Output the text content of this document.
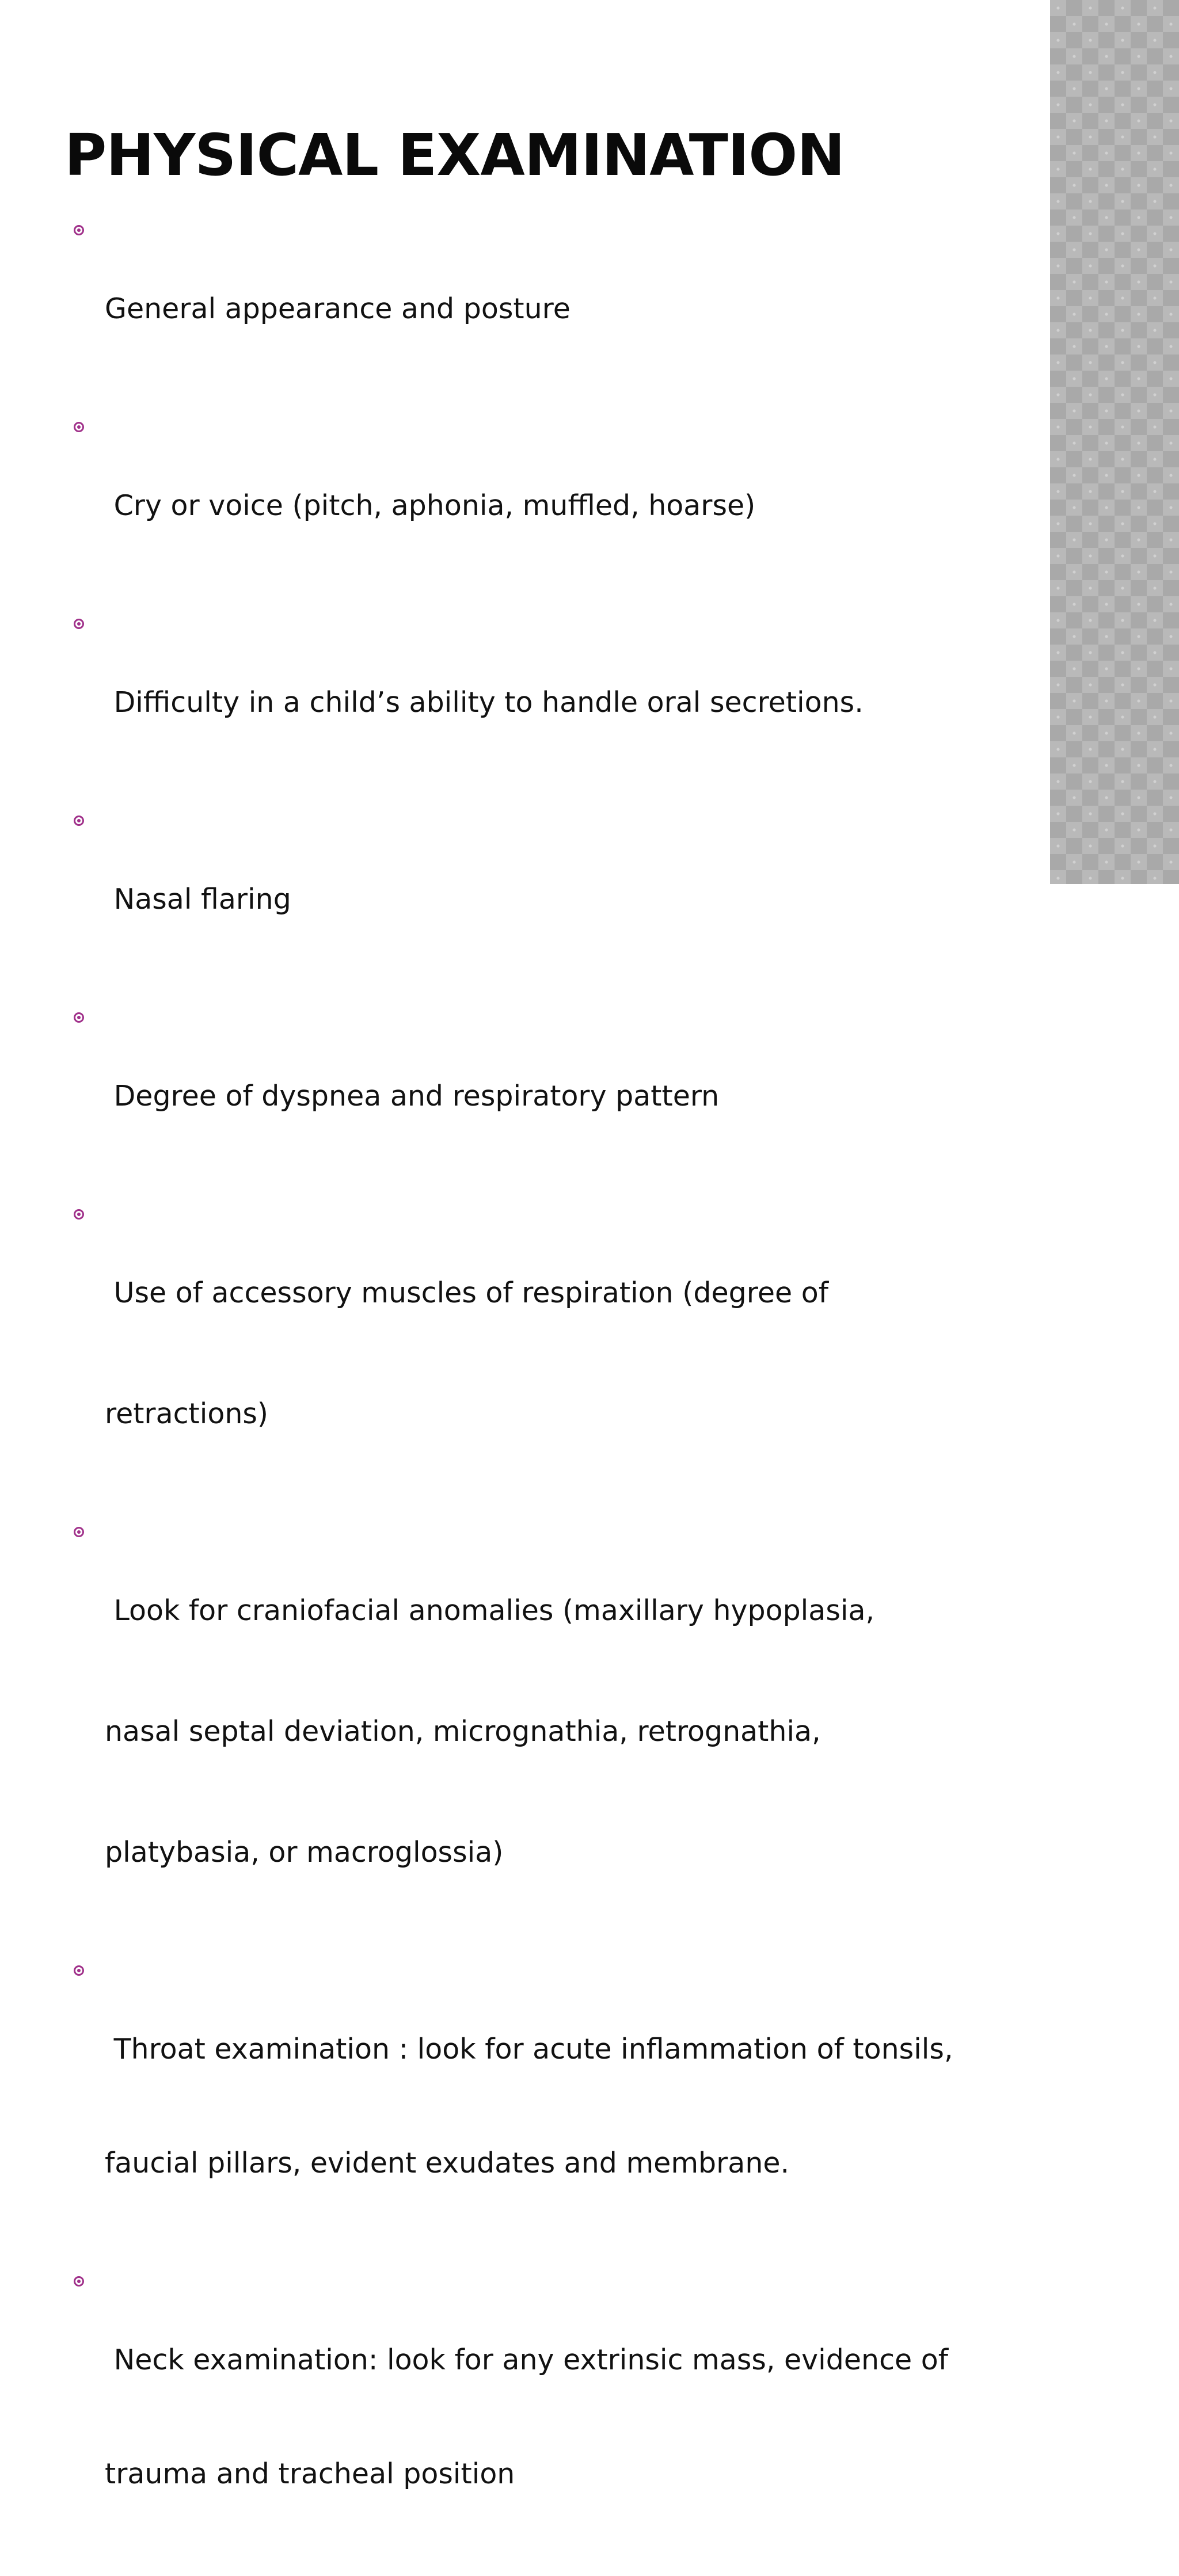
PHYSICAL EXAMINATION

General appearance and posture

Cry or voice (pitch, aphonia, muffled, hoarse)

Difficulty in a child’s ability to handle oral secretions.

Nasal flaring

Degree of dyspnea and respiratory pattern

Use of accessory muscles of respiration (degree of

retractions)

Look for craniofacial anomalies (maxillary hypoplasia,

nasal septal deviation, micrognathia, retrognathia,

platybasia, or macroglossia)

Throat examination : look for acute inflammation of tonsils,

faucial pillars, evident exudates and membrane.

Neck examination: look for any extrinsic mass, evidence of

trauma and tracheal position
